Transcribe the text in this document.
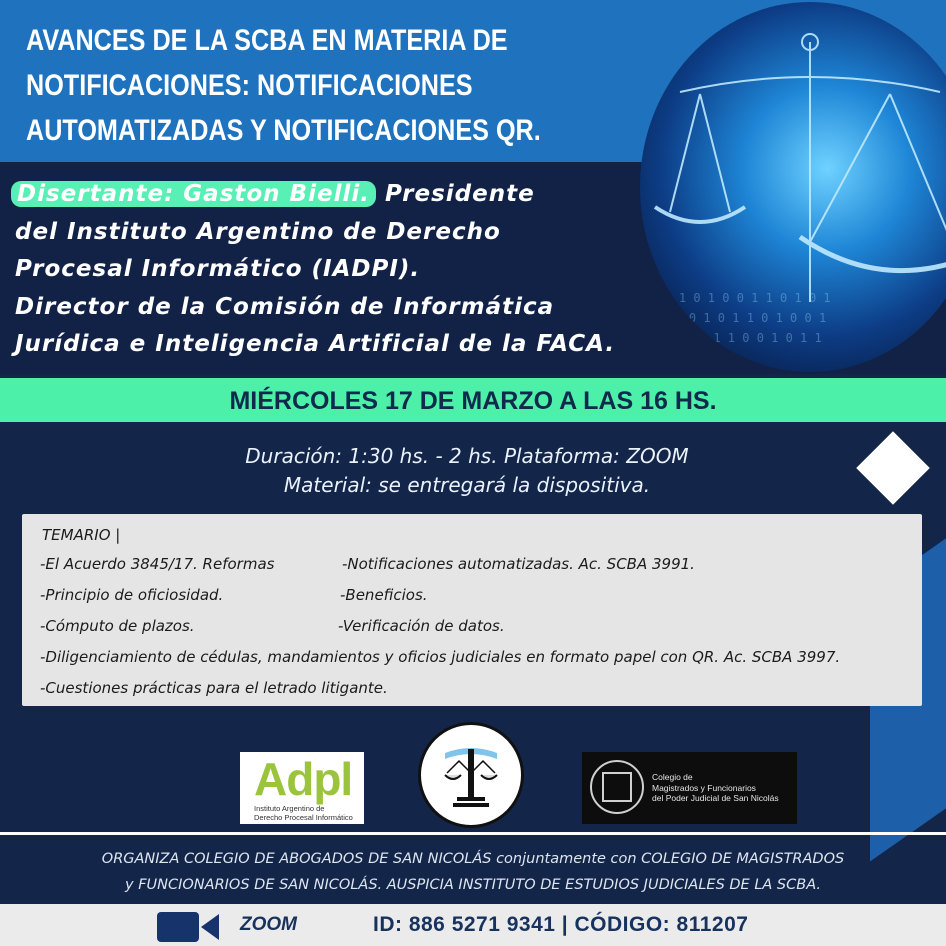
0 1 1 0 1 0 0 1 1 0 1 0 1
1 0 0 1 0 1 1 0 1 0 0 1
0 1 0 1 1 0 0 1 0 1 1
AVANCES DE LA SCBA EN MATERIA DE
NOTIFICACIONES: NOTIFICACIONES
AUTOMATIZADAS Y NOTIFICACIONES QR.
Disertante: Gaston Bielli. Presidente
del Instituto Argentino de Derecho
Procesal Informático (IADPI).
Director de la Comisión de Informática
Jurídica e Inteligencia Artificial de la FACA.
MIÉRCOLES 17 DE MARZO A LAS 16 HS.
Duración: 1:30 hs. - 2 hs. Plataforma: ZOOM
Material: se entregará la dispositiva.
TEMARIO |
-El Acuerdo 3845/17. Reformas	-Notificaciones automatizadas. Ac. SCBA 3991.
-Principio de oficiosidad.	-Beneficios.
-Cómputo de plazos.	-Verificación de datos.
-Diligenciamiento de cédulas, mandamientos y oficios judiciales en formato papel con QR. Ac. SCBA 3997.
-Cuestiones prácticas para el letrado litigante.
Adpl
Instituto Argentino de
Derecho Procesal Informático
Colegio de
Magistrados y Funcionarios
del Poder Judicial de San Nicolás
ORGANIZA COLEGIO DE ABOGADOS DE SAN NICOLÁS conjuntamente con COLEGIO DE MAGISTRADOS
y FUNCIONARIOS DE SAN NICOLÁS. AUSPICIA INSTITUTO DE ESTUDIOS JUDICIALES DE LA SCBA.
ZOOM	ID: 886 5271 9341 | CÓDIGO: 811207
